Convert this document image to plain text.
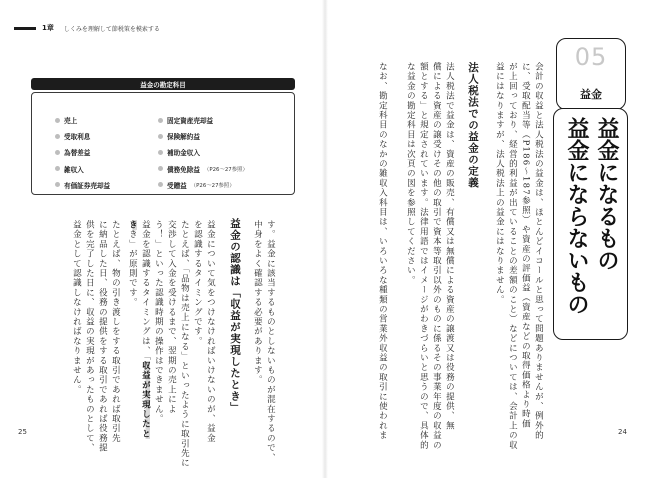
1章 しくみを理解して節税策を模索する
益金の勘定科目
売上
受取利息
為替差益
雑収入
有価証券売却益
固定資産売却益
保険解約益
補助金収入
債務免除益 （P26〜27参照）
受贈益 （P26〜27参照）
す。益金に該当するものとしないものが混在するので、
中身をよく確認する必要があります。
益金の認識は「収益が実現したとき」
益金について気をつけなければいけないのが、益金
を認識するタイミングです。
たとえば、「品物は売上になる」といったように取引先に
交渉して入金を受けるまで、翌期の売上によ
う！」といった認識時期の操作はできません。
益金を認識するタイミングは、「収益が実現したと
きき」が原則です。
たとえば、物の引き渡しをする取引であれば取引先
に納品した日、役務の提供をする取引であれば役務提
供を完了した日に、収益の実現があったものとして、
益金として認識しなければなりません。	会計の収益と法人税法の益金は、ほとんどイコールと思って問題ありませんが、例外的
に、受取配当等（P186〜187参照）や資産の評価益（資産などの取得価格より時価
が上回っており、経営的利益が出ていることの差額のこと）などについては、会計上の収
益にはなりますが、法人税法上の益金にはなりません。
法人税法での益金の定義
法人税法で益金は、資産の販売、有償又は無償による資産の譲渡又は役務の提供、無
償による資産の譲受けその他の取引で資本等取引以外のものに係るその事業年度の収益の
額とする」と規定されています。法律用語ではイメージがわきづらいと思うので、具体的
な益金の勘定科目は次頁の図を参照してください。
なお、勘定科目のなかの雑収入科目は、いろいろな種類の営業外収益の取引に使われま
05
益金
益金になるもの
益金にならないもの
25	24
